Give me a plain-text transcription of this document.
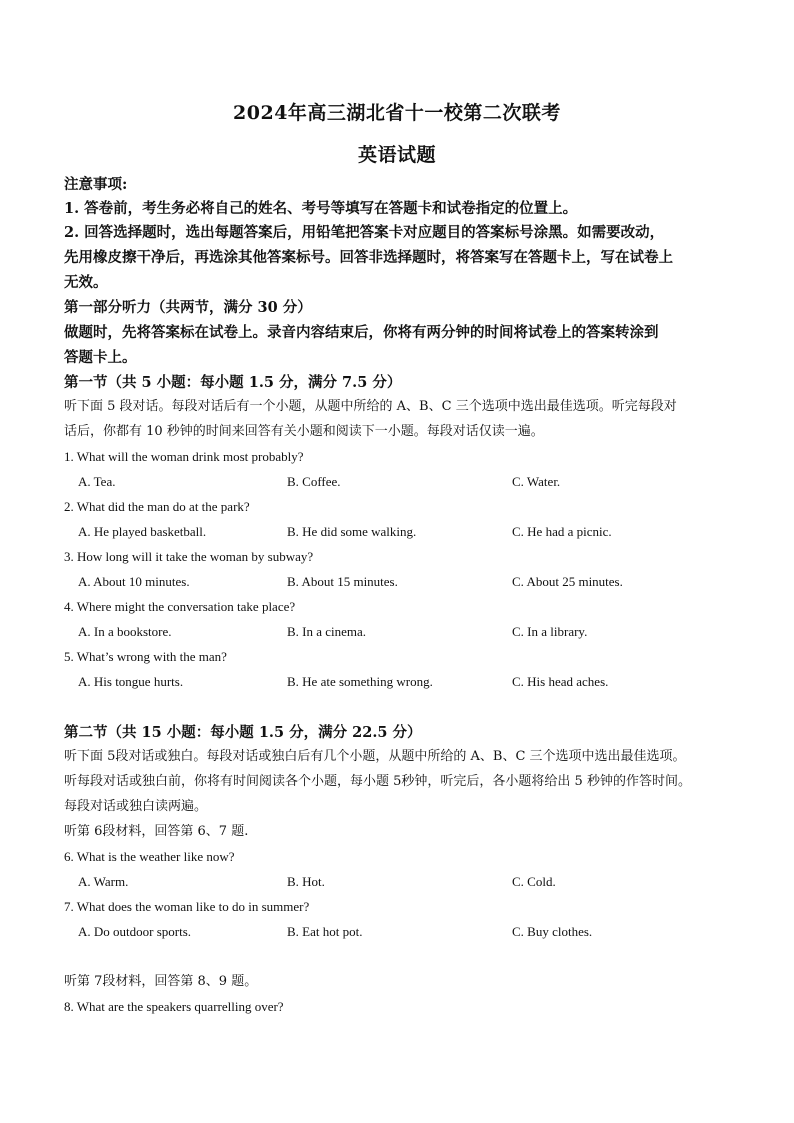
2024年高三湖北省十一校第二次联考
英语试题
注意事项:
1. 答卷前，考生务必将自己的姓名、考号等填写在答题卡和试卷指定的位置上。
2. 回答选择题时，选出每题答案后，用铅笔把答案卡对应题目的答案标号涂黑。如需要改动，
先用橡皮擦干净后，再选涂其他答案标号。回答非选择题时，将答案写在答题卡上，写在试卷上
无效。
第一部分听力（共两节，满分 30 分）
做题时，先将答案标在试卷上。录音内容结束后，你将有两分钟的时间将试卷上的答案转涂到
答题卡上。
第一节（共 5 小题：每小题 1.5 分，满分 7.5 分）
听下面 5 段对话。每段对话后有一个小题，从题中所给的 A、B、C 三个选项中选出最佳选项。听完每段对
话后，你都有 10 秒钟的时间来回答有关小题和阅读下一小题。每段对话仅读一遍。
1. What will the woman drink most probably?
A. Tea.	B. Coffee.	C. Water.
2. What did the man do at the park?
A. He played basketball.	B. He did some walking.	C. He had a picnic.
3. How long will it take the woman by subway?
A. About 10 minutes.	B. About 15 minutes.	C. About 25 minutes.
4. Where might the conversation take place?
A. In a bookstore.	B. In a cinema.	C. In a library.
5. What’s wrong with the man?
A. His tongue hurts.	B. He ate something wrong.	C. His head aches.
第二节（共 15 小题：每小题 1.5 分，满分 22.5 分）
听下面 5段对话或独白。每段对话或独白后有几个小题，从题中所给的 A、B、C 三个选项中选出最佳选项。
听每段对话或独白前，你将有时间阅读各个小题，每小题 5秒钟，听完后，各小题将给出 5 秒钟的作答时间。
每段对话或独白读两遍。
听第 6段材料，回答第 6、7 题.
6. What is the weather like now?
A. Warm.	B. Hot.	C. Cold.
7. What does the woman like to do in summer?
A. Do outdoor sports.	B. Eat hot pot.	C. Buy clothes.
听第 7段材料，回答第 8、9 题。
8. What are the speakers quarrelling over?
